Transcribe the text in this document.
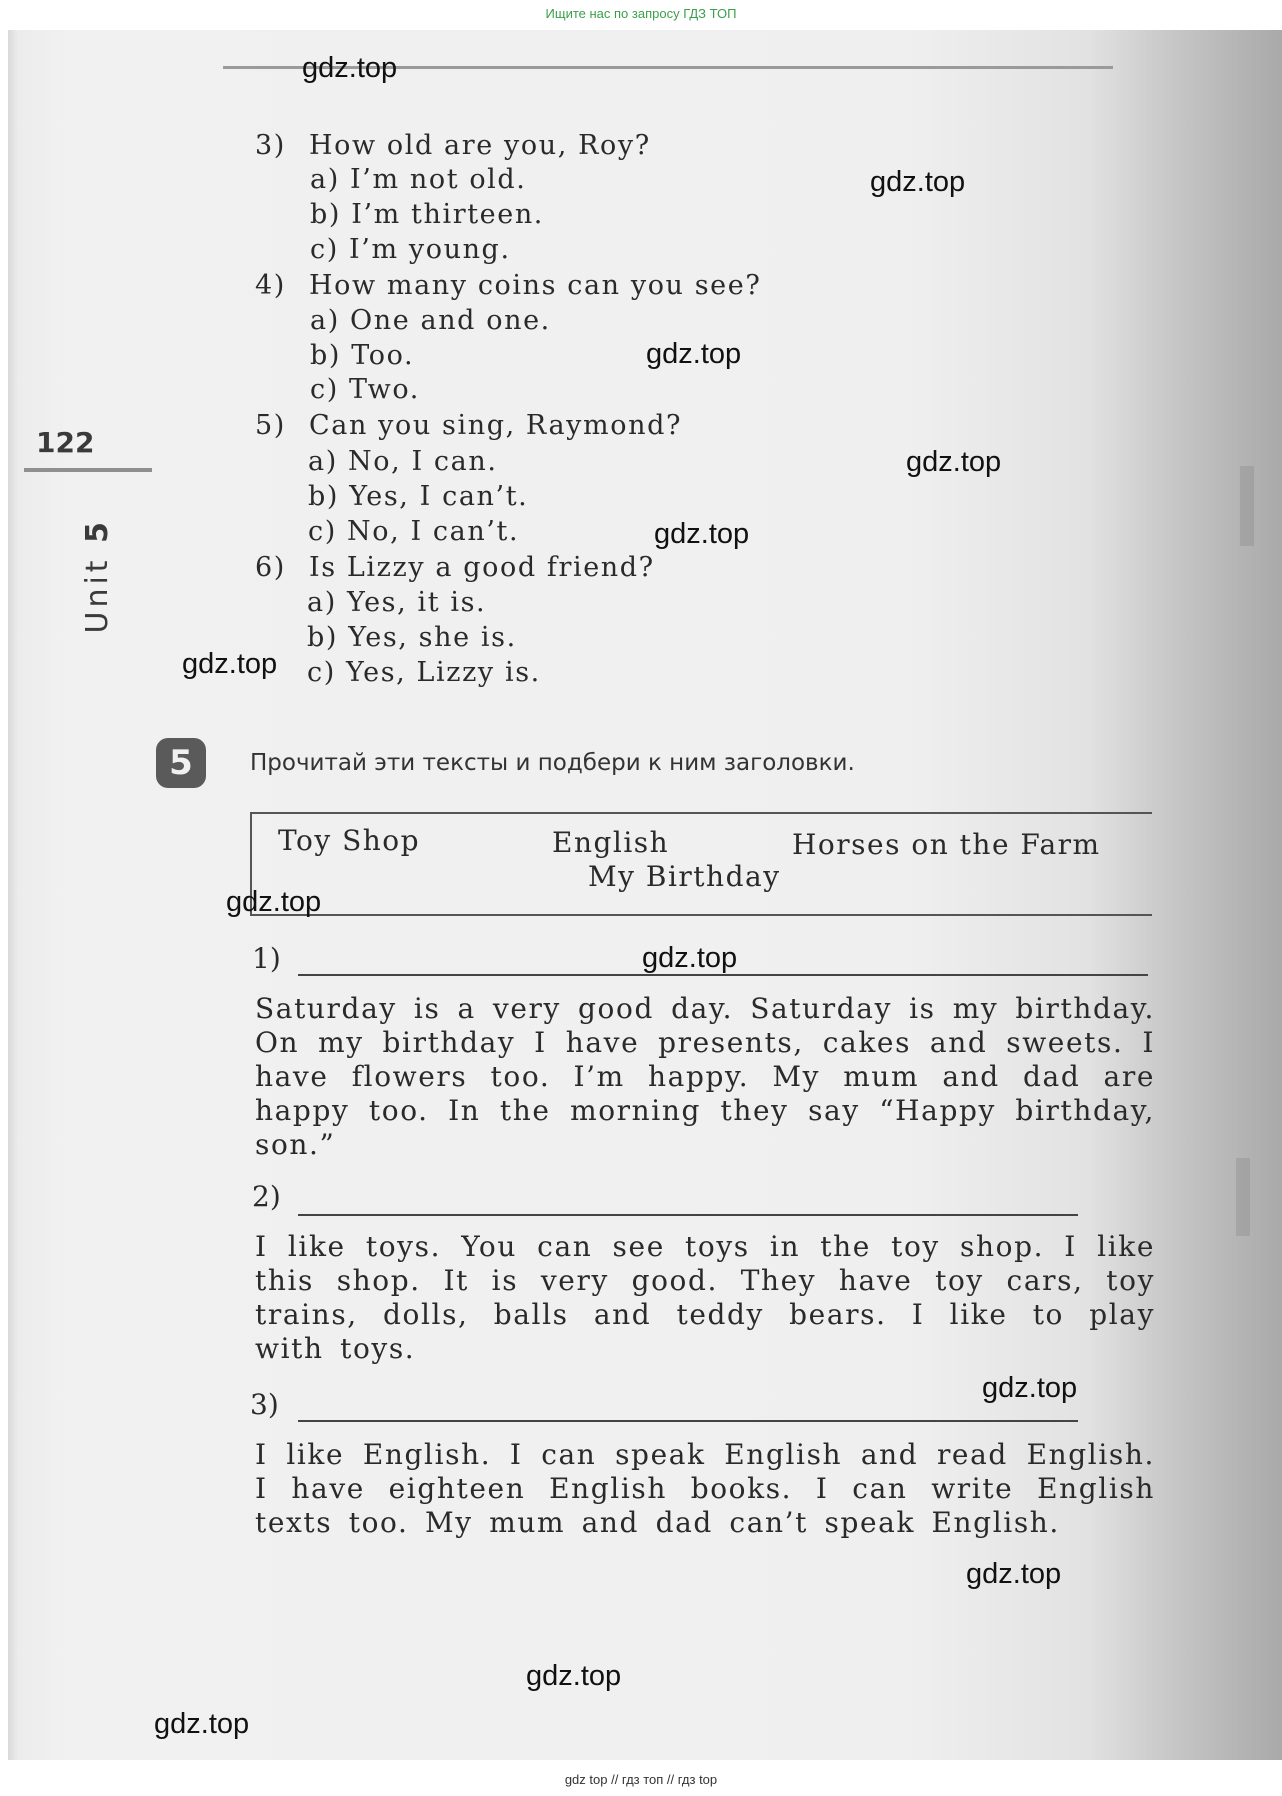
Ищите нас по запросу ГДЗ ТОП
122
Unit 5
3) How old are you, Roy?
a) I’m not old.
b) I’m thirteen.
c) I’m young.
4) How many coins can you see?
a) One and one.
b) Too.
c) Two.
5) Can you sing, Raymond?
a) No, I can.
b) Yes, I can’t.
c) No, I can’t.
6) Is Lizzy a good friend?
a) Yes, it is.
b) Yes, she is.
c) Yes, Lizzy is.
5	Прочитай эти тексты и подбери к ним заголовки.
Toy Shop	English	Horses on the Farm
My Birthday
1)
Saturday is a very good day. Saturday is my birthday. On my birthday I have presents, cakes and sweets. I have flowers too. I’m happy. My mum and dad are happy too. In the morning they say “Happy birthday, son.”
2)
I like toys. You can see toys in the toy shop. I like this shop. It is very good. They have toy cars, toy trains, dolls, balls and teddy bears. I like to play with toys.
3)
I like English. I can speak English and read English. I have eighteen English books. I can write English texts too. My mum and dad can’t speak English.
gdz.top
gdz.top
gdz.top
gdz.top
gdz.top
gdz.top
gdz.top
gdz.top
gdz.top
gdz.top
gdz.top
gdz.top
gdz top // гдз топ // гдз top
